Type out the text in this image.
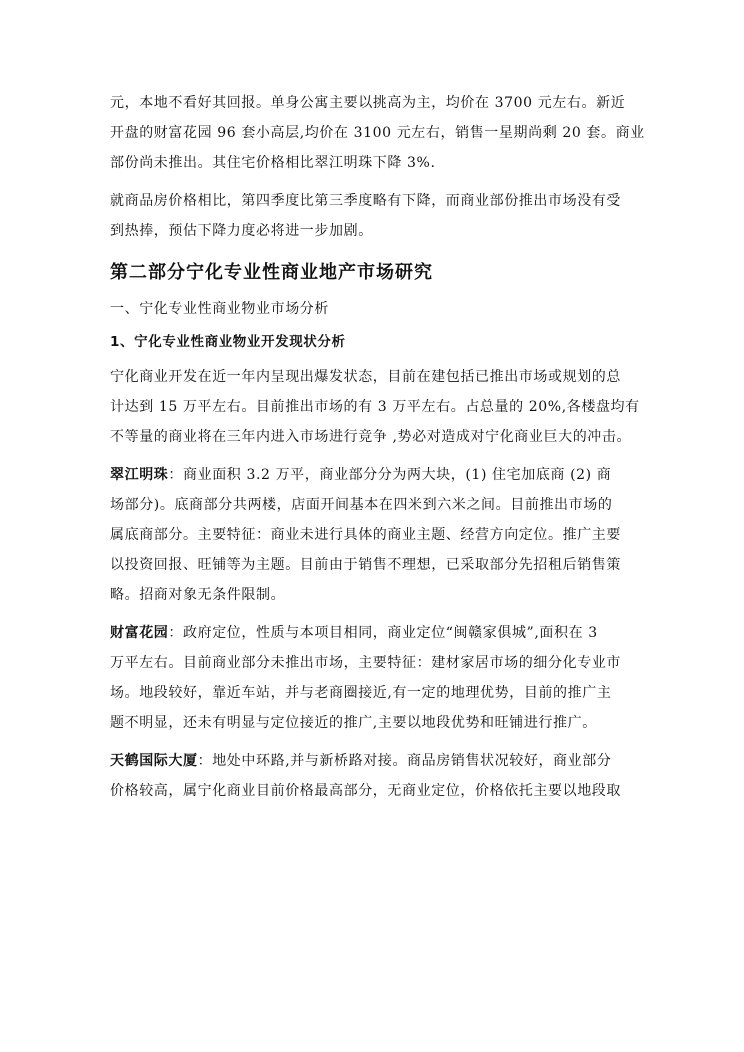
元，本地不看好其回报。单身公寓主要以挑高为主，均价在 3700 元左右。新近
开盘的财富花园 96 套小高层,均价在 3100 元左右，销售一星期尚剩 20 套。商业
部份尚未推出。其住宅价格相比翠江明珠下降 3%.
就商品房价格相比，第四季度比第三季度略有下降，而商业部份推出市场没有受
到热捧，预估下降力度必将进一步加剧。
第二部分宁化专业性商业地产市场研究
一、宁化专业性商业物业市场分析
1、宁化专业性商业物业开发现状分析
宁化商业开发在近一年内呈现出爆发状态，目前在建包括已推出市场或规划的总
计达到 15 万平左右。目前推出市场的有 3 万平左右。占总量的 20%,各楼盘均有
不等量的商业将在三年内进入市场进行竞争 ,势必对造成对宁化商业巨大的冲击。
翠江明珠：商业面积 3.2 万平，商业部分分为两大块，(1) 住宅加底商 (2) 商
场部分)。底商部分共两楼，店面开间基本在四米到六米之间。目前推出市场的
属底商部分。主要特征：商业未进行具体的商业主题、经营方向定位。推广主要
以投资回报、旺铺等为主题。目前由于销售不理想，已采取部分先招租后销售策
略。招商对象无条件限制。
财富花园：政府定位，性质与本项目相同，商业定位“闽赣家俱城”,面积在 3
万平左右。目前商业部分未推出市场，主要特征：建材家居市场的细分化专业市
场。地段较好，靠近车站，并与老商圈接近,有一定的地理优势，目前的推广主
题不明显，还未有明显与定位接近的推广,主要以地段优势和旺铺进行推广。
天鹤国际大厦：地处中环路,并与新桥路对接。商品房销售状况较好，商业部分
价格较高，属宁化商业目前价格最高部分，无商业定位，价格依托主要以地段取
